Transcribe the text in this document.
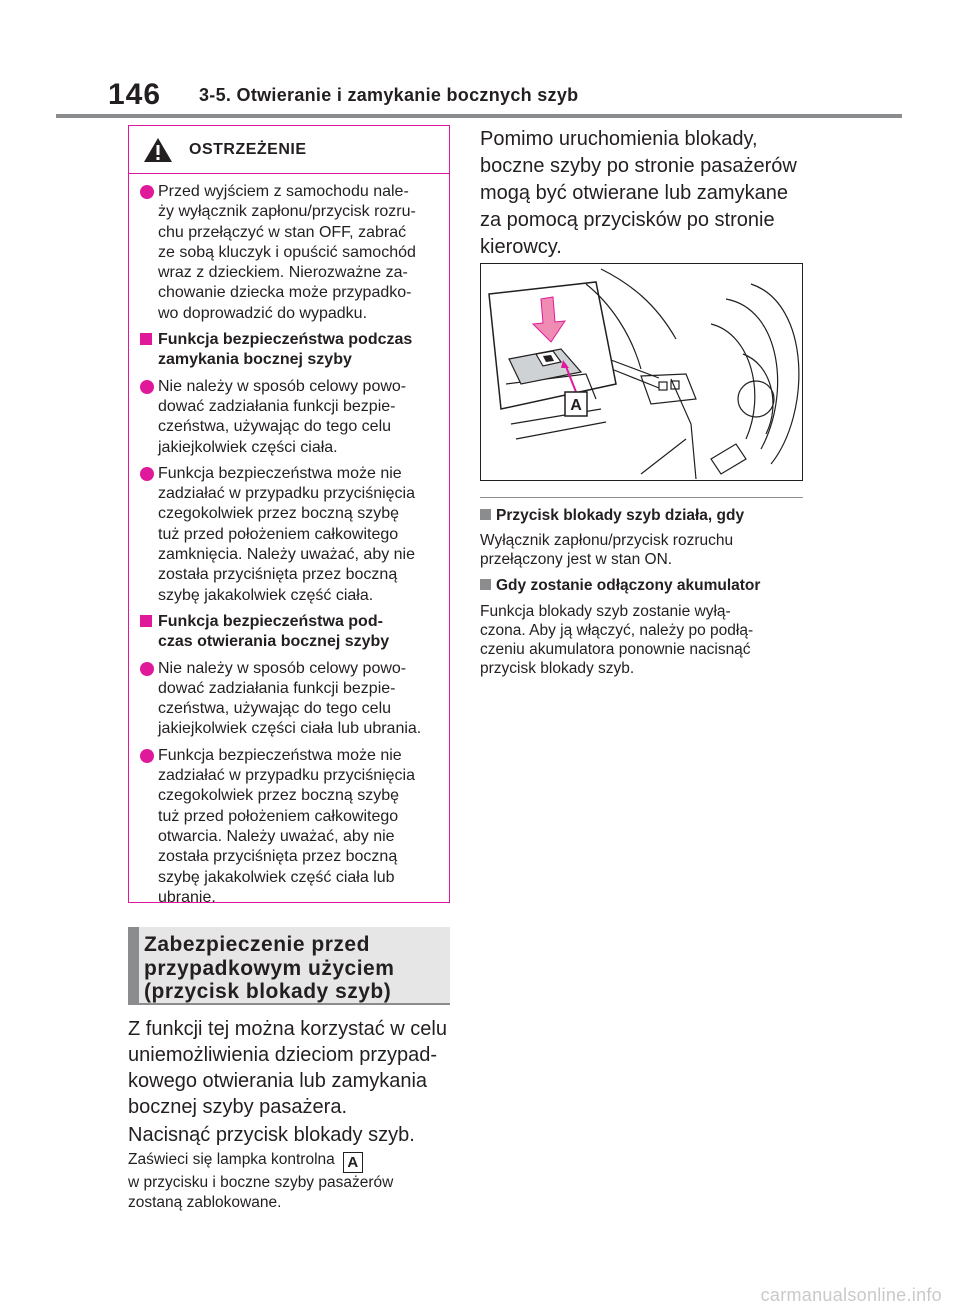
146 3-5. Otwieranie i zamykanie bocznych szyb
OSTRZEŻENIE
Przed wyjściem z samochodu nale-
ży wyłącznik zapłonu/przycisk rozru-
chu przełączyć w stan OFF, zabrać
ze sobą kluczyk i opuścić samochód
wraz z dzieckiem. Nierozważne za-
chowanie dziecka może przypadko-
wo doprowadzić do wypadku.
Funkcja bezpieczeństwa podczas
zamykania bocznej szyby
Nie należy w sposób celowy powo-
dować zadziałania funkcji bezpie-
czeństwa, używając do tego celu
jakiejkolwiek części ciała.
Funkcja bezpieczeństwa może nie
zadziałać w przypadku przyciśnięcia
czegokolwiek przez boczną szybę
tuż przed położeniem całkowitego
zamknięcia. Należy uważać, aby nie
została przyciśnięta przez boczną
szybę jakakolwiek część ciała.
Funkcja bezpieczeństwa pod-
czas otwierania bocznej szyby
Nie należy w sposób celowy powo-
dować zadziałania funkcji bezpie-
czeństwa, używając do tego celu
jakiejkolwiek części ciała lub ubrania.
Funkcja bezpieczeństwa może nie
zadziałać w przypadku przyciśnięcia
czegokolwiek przez boczną szybę
tuż przed położeniem całkowitego
otwarcia. Należy uważać, aby nie
została przyciśnięta przez boczną
szybę jakakolwiek część ciała lub
ubranie.
Zabezpieczenie przed
przypadkowym użyciem
(przycisk blokady szyb)
Z funkcji tej można korzystać w celu
uniemożliwienia dzieciom przypad-
kowego otwierania lub zamykania
bocznej szyby pasażera.
Nacisnąć przycisk blokady szyb.
Zaświeci się lampka kontrolna A
w przycisku i boczne szyby pasażerów
zostaną zablokowane.
Pomimo uruchomienia blokady,
boczne szyby po stronie pasażerów
mogą być otwierane lub zamykane
za pomocą przycisków po stronie
kierowcy.
A
Przycisk blokady szyb działa, gdy
Wyłącznik zapłonu/przycisk rozruchu
przełączony jest w stan ON.
Gdy zostanie odłączony akumulator
Funkcja blokady szyb zostanie wyłą-
czona. Aby ją włączyć, należy po podłą-
czeniu akumulatora ponownie nacisnąć
przycisk blokady szyb.
carmanualsonline.info
